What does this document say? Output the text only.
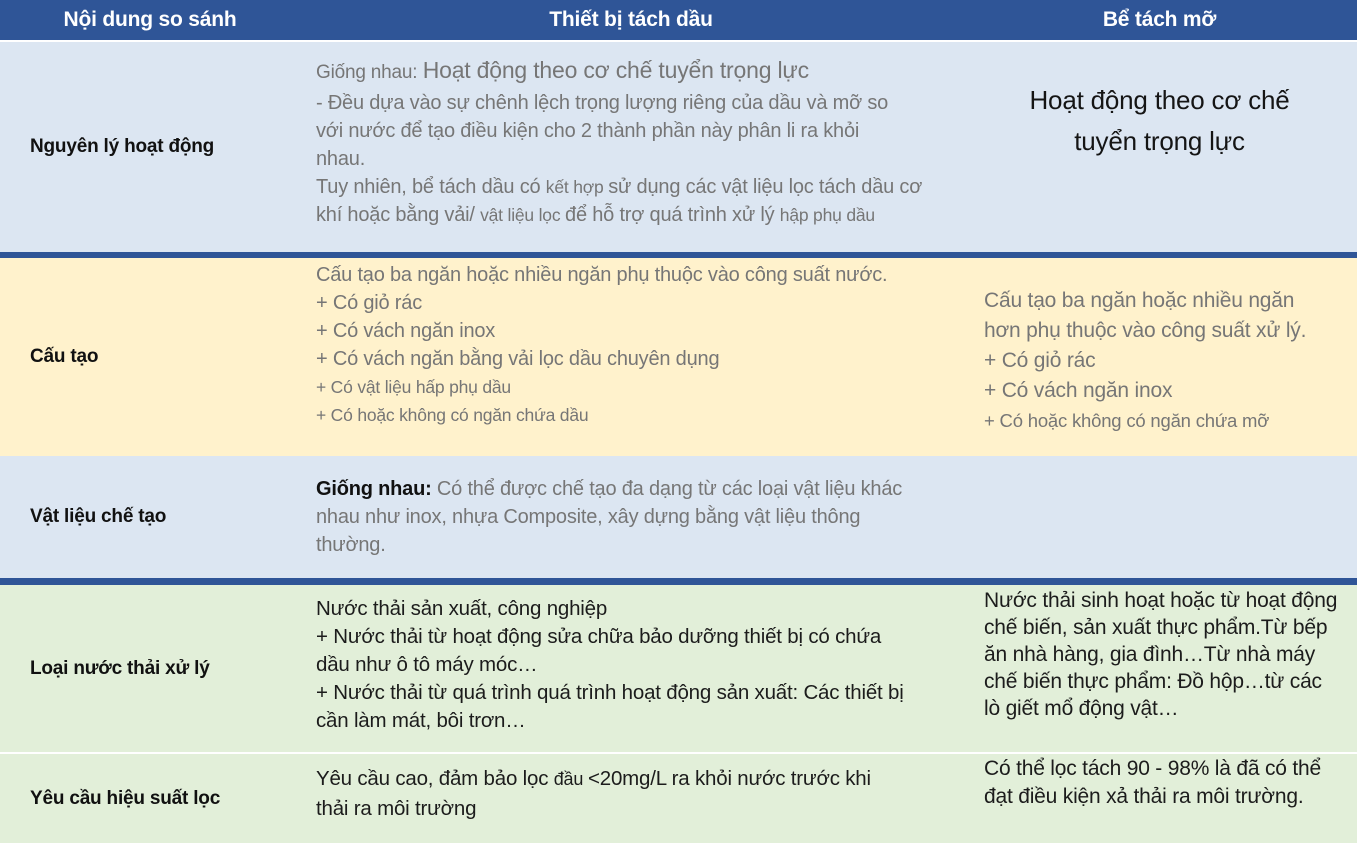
Nội dung so sánh	Thiết bị tách dầu	Bể tách mỡ
Nguyên lý hoạt động
Giống nhau: Hoạt động theo cơ chế tuyển trọng lực
- Đều dựa vào sự chênh lệch trọng lượng riêng của dầu và mỡ so với nước để tạo điều kiện cho 2 thành phần này phân li ra khỏi nhau.
Tuy nhiên, bể tách dầu có kết hợp sử dụng các vật liệu lọc tách dầu cơ khí hoặc bằng vải/ vật liệu lọc để hỗ trợ quá trình xử lý hập phụ dầu
Hoạt động theo cơ chế tuyển trọng lực
Cấu tạo
Cấu tạo ba ngăn hoặc nhiều ngăn phụ thuộc vào công suất nước.
+ Có giỏ rác
+ Có vách ngăn inox
+ Có vách ngăn bằng vải lọc dầu chuyên dụng
+ Có vật liệu hấp phụ dầu
+ Có hoặc không có ngăn chứa dầu
Cấu tạo ba ngăn hoặc nhiều ngăn hơn phụ thuộc vào công suất xử lý.
+ Có giỏ rác
+ Có vách ngăn inox
+ Có hoặc không có ngăn chứa mỡ
Vật liệu chế tạo
Giống nhau: Có thể được chế tạo đa dạng từ các loại vật liệu khác nhau như inox, nhựa Composite, xây dựng bằng vật liệu thông thường.
Loại nước thải xử lý
Nước thải sản xuất, công nghiệp
+ Nước thải từ hoạt động sửa chữa bảo dưỡng thiết bị có chứa dầu như ô tô máy móc…
+ Nước thải từ quá trình quá trình hoạt động sản xuất: Các thiết bị cần làm mát, bôi trơn…
Nước thải sinh hoạt hoặc từ hoạt động chế biến, sản xuất thực phẩm.Từ bếp ăn nhà hàng, gia đình…Từ nhà máy chế biến thực phẩm: Đồ hộp…từ các lò giết mổ động vật…
Yêu cầu hiệu suất lọc
Yêu cầu cao, đảm bảo lọc đầu <20mg/L ra khỏi nước trước khi thải ra môi trường
Có thể lọc tách 90 - 98% là đã có thể đạt điều kiện xả thải ra môi trường.
